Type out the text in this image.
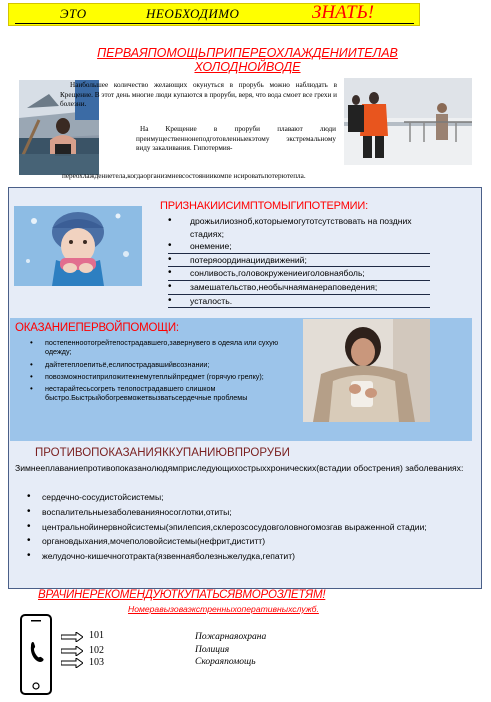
ЭТО	НЕОБХОДИМО	ЗНАТЬ!
ПЕРВАЯПОМОЩЬПРИПЕРЕОХЛАЖДЕНИИТЕЛАВ ХОЛОДНОЙВОДЕ
Наибольшее количество желающих окунуться в прорубь можно наблюдать в Крещение. В этот день многие люди купаются в проруби, веря, что вода смоет все грехи и болезни.
На Крещение в проруби плавают люди преимущественнонеподготовленныекэтому экстремальному виду закаливания. Гипотермия-
переохлаждениетела,когдаорганизмневсостояниикомпе нсироватьпотерютепла.
ПРИЗНАКИИСИМПТОМЫГИПОТЕРМИИ:
• дрожьилиозноб,которыемогутотсутствовать на поздних стадиях;
• онемение;
• потеряоординациидвижений;
• сонливость,головокружениеиголовнаяболь;
• замешательство,необычнаяманераповедения;
• усталость.
ОКАЗАНИЕПЕРВОЙПОМОЩИ:
• постепенноотогрейтепострадавшего,завернувего в одеяла или сухую одежду;
• дайтетеплоепитьё,еслипострадавшийвсознании;
• повозможностиприложитекнемутеплыйпредмет (горячую грелку);
• нестарайтесьсогреть телопострадавшего слишком быстро.Быстрыйобогревможетвызватьсердечные проблемы
ПРОТИВОПОКАЗАНИЯККУПАНИЮВПРОРУБИ
Зимнееплаваниепротивопоказанолюдямприследующихострыххронических(встадии обострения) заболеваниях:
• сердечно-сосудистойсистемы;
• воспалительныезаболеванияносоглотки,отиты;
• центральнойинервнойсистемы(эпилепсия,склерозсосудовголовногомозгав выраженной стадии;
• органовдыхания,мочеполовойсистемы(нефрит,диститт)
• желудочно-кишечноготракта(язвеннаяболезньжелудка,гепатит)
ВРАЧИНЕРЕКОМЕНДУЮТКУПАТЬСЯВМОРОЗЛЕТЯМ!
Номеравызоваэкстренныхоперативныхслужб.
101
102
103
Пожарнаяохрана
Полиция
Скораяпомощь
